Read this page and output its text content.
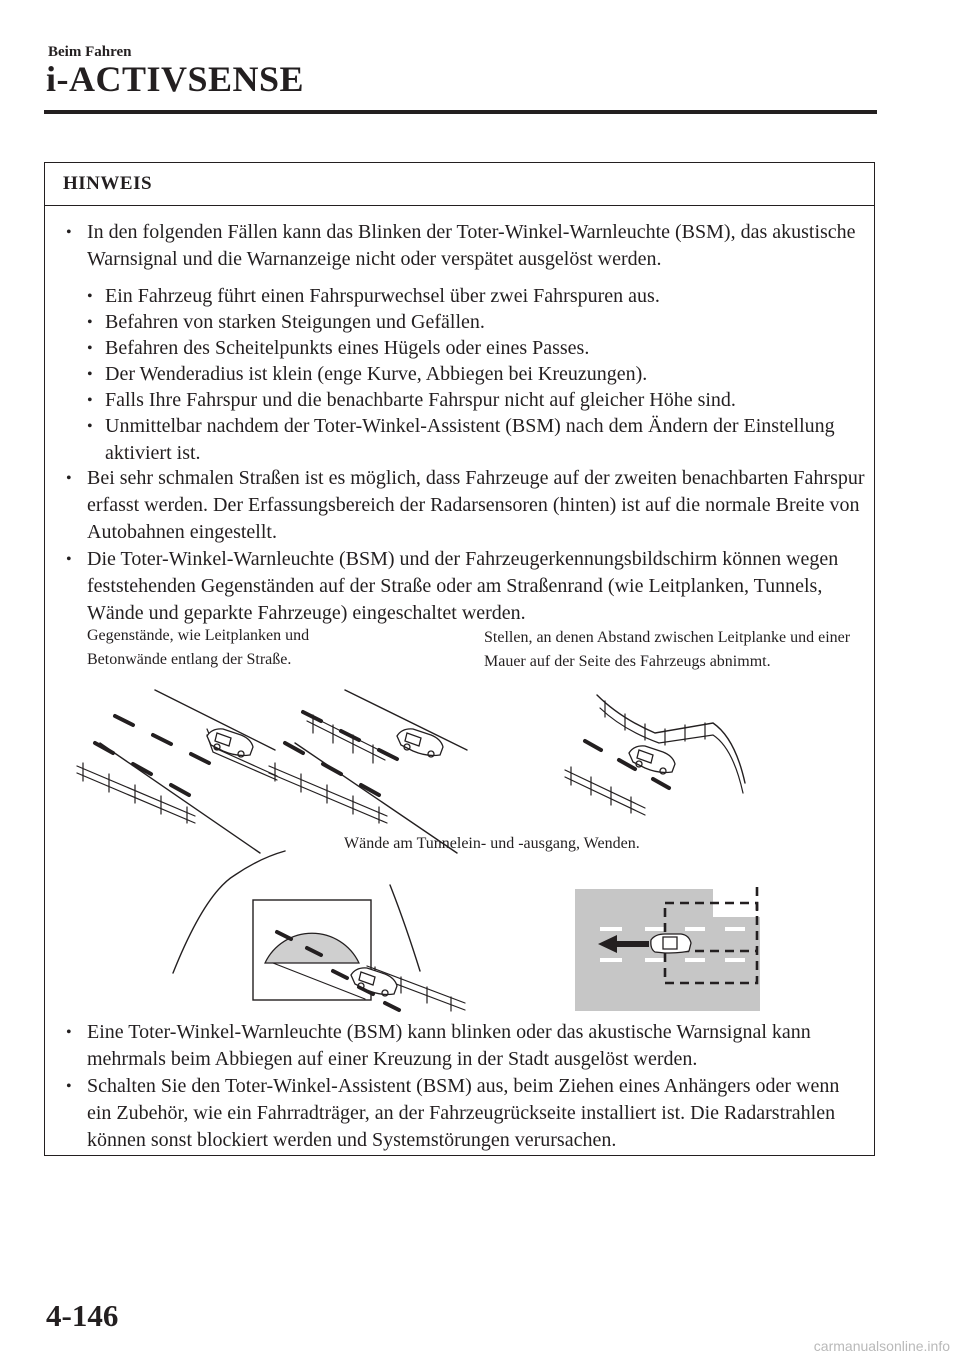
Beim Fahren
i-ACTIVSENSE
HINWEIS
• In den folgenden Fällen kann das Blinken der Toter-Winkel-Warnleuchte (BSM), das akustische Warnsignal und die Warnanzeige nicht oder verspätet ausgelöst werden.
• Ein Fahrzeug führt einen Fahrspurwechsel über zwei Fahrspuren aus.
• Befahren von starken Steigungen und Gefällen.
• Befahren des Scheitelpunkts eines Hügels oder eines Passes.
• Der Wenderadius ist klein (enge Kurve, Abbiegen bei Kreuzungen).
• Falls Ihre Fahrspur und die benachbarte Fahrspur nicht auf gleicher Höhe sind.
• Unmittelbar nachdem der Toter-Winkel-Assistent (BSM) nach dem Ändern der Einstellung aktiviert ist.
• Bei sehr schmalen Straßen ist es möglich, dass Fahrzeuge auf der zweiten benachbarten Fahrspur erfasst werden. Der Erfassungsbereich der Radarsensoren (hinten) ist auf die normale Breite von Autobahnen eingestellt.
• Die Toter-Winkel-Warnleuchte (BSM) und der Fahrzeugerkennungsbildschirm können wegen feststehenden Gegenständen auf der Straße oder am Straßenrand (wie Leitplanken, Tunnels, Wände und geparkte Fahrzeuge) eingeschaltet werden.
Gegenstände, wie Leitplanken und Betonwände entlang der Straße.
Stellen, an denen Abstand zwischen Leitplanke und einer Mauer auf der Seite des Fahrzeugs abnimmt.
Wände am Tunnelein- und -ausgang, Wenden.
• Eine Toter-Winkel-Warnleuchte (BSM) kann blinken oder das akustische Warnsignal kann mehrmals beim Abbiegen auf einer Kreuzung in der Stadt ausgelöst werden.
• Schalten Sie den Toter-Winkel-Assistent (BSM) aus, beim Ziehen eines Anhängers oder wenn ein Zubehör, wie ein Fahrradträger, an der Fahrzeugrückseite installiert ist. Die Radarstrahlen können sonst blockiert werden und Systemstörungen verursachen.
4-146
carmanualsonline.info
